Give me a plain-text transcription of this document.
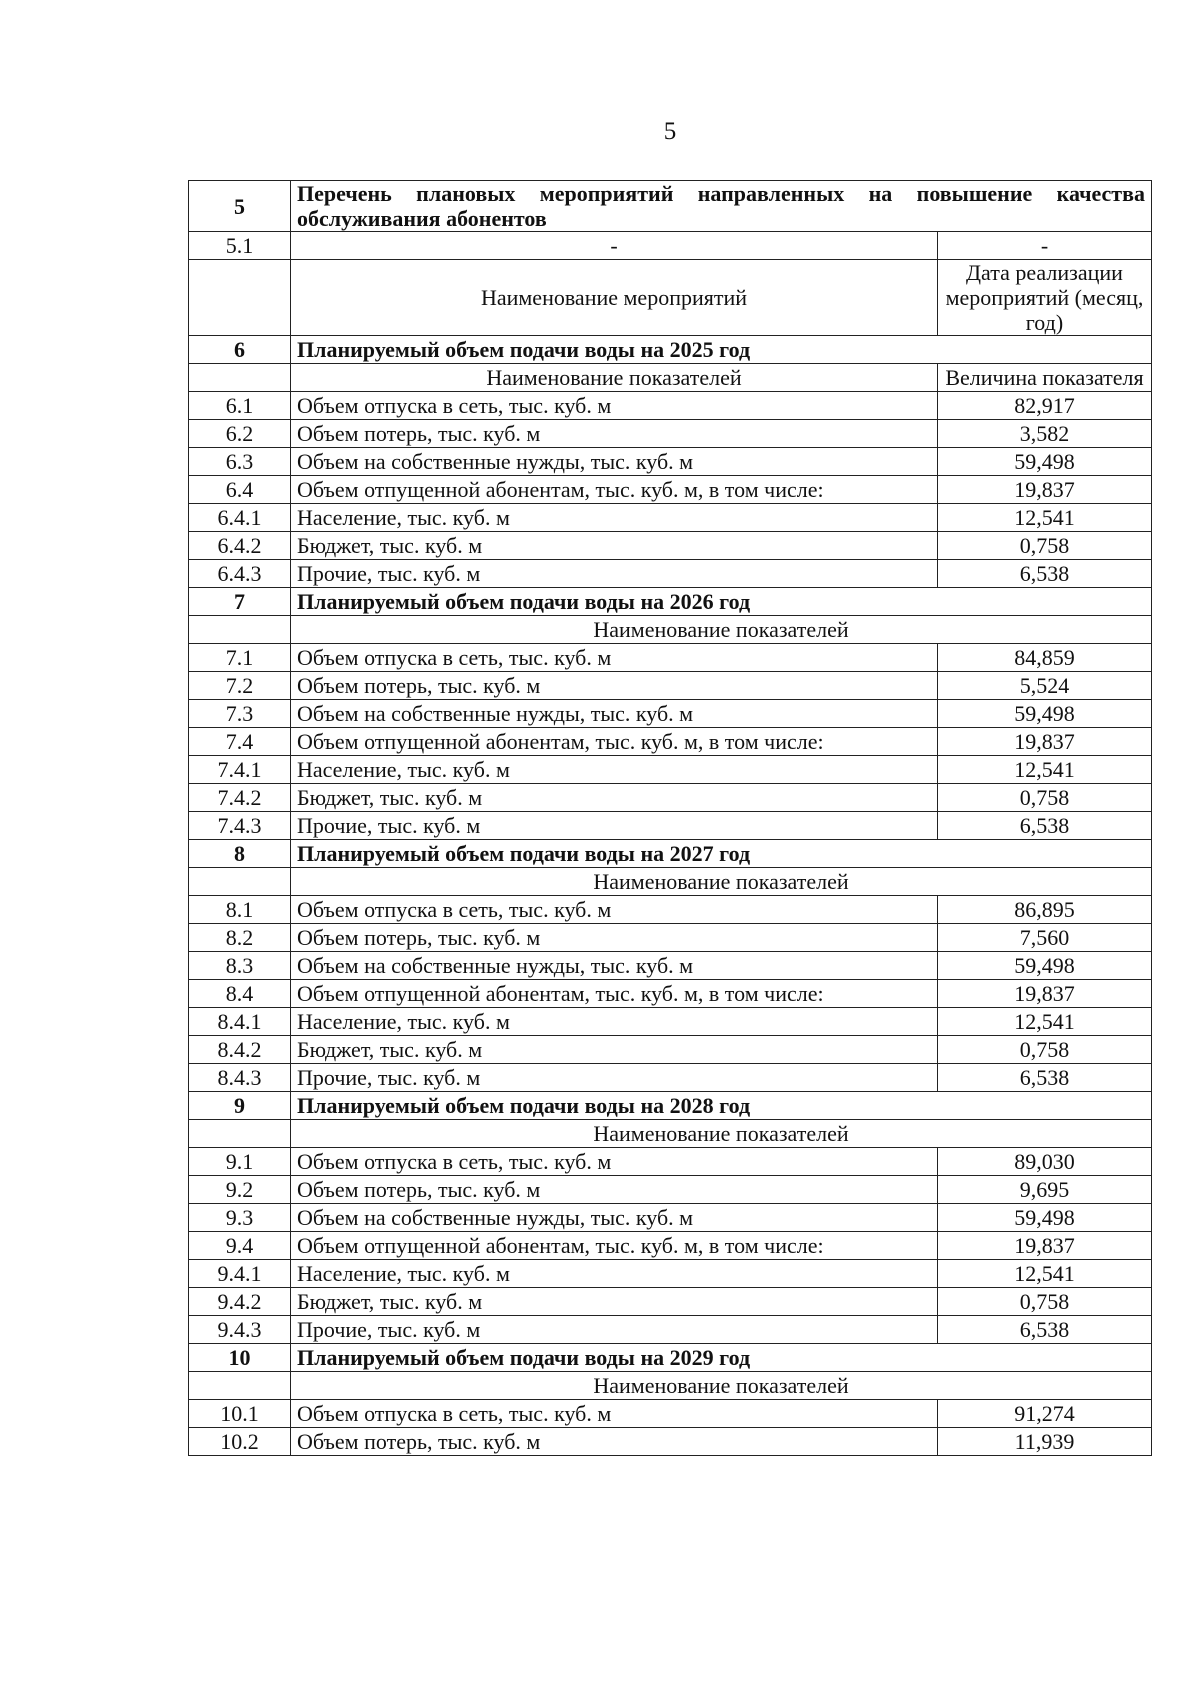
5
5	Перечень плановых мероприятий направленных на повышение качества обслуживания абонентов	
5.1	-	-
	Наименование мероприятий	Дата реализации мероприятий (месяц, год)
6	Планируемый объем подачи воды на 2025 год	
	Наименование показателей	Величина показателя
6.1	Объем отпуска в сеть, тыс. куб. м	82,917
6.2	Объем потерь, тыс. куб. м	3,582
6.3	Объем на собственные нужды, тыс. куб. м	59,498
6.4	Объем отпущенной абонентам, тыс. куб. м, в том числе:	19,837
6.4.1	Население, тыс. куб. м	12,541
6.4.2	Бюджет, тыс. куб. м	0,758
6.4.3	Прочие, тыс. куб. м	6,538
7	Планируемый объем подачи воды на 2026 год	
	Наименование показателей	
7.1	Объем отпуска в сеть, тыс. куб. м	84,859
7.2	Объем потерь, тыс. куб. м	5,524
7.3	Объем на собственные нужды, тыс. куб. м	59,498
7.4	Объем отпущенной абонентам, тыс. куб. м, в том числе:	19,837
7.4.1	Население, тыс. куб. м	12,541
7.4.2	Бюджет, тыс. куб. м	0,758
7.4.3	Прочие, тыс. куб. м	6,538
8	Планируемый объем подачи воды на 2027 год	
	Наименование показателей	
8.1	Объем отпуска в сеть, тыс. куб. м	86,895
8.2	Объем потерь, тыс. куб. м	7,560
8.3	Объем на собственные нужды, тыс. куб. м	59,498
8.4	Объем отпущенной абонентам, тыс. куб. м, в том числе:	19,837
8.4.1	Население, тыс. куб. м	12,541
8.4.2	Бюджет, тыс. куб. м	0,758
8.4.3	Прочие, тыс. куб. м	6,538
9	Планируемый объем подачи воды на 2028 год	
	Наименование показателей	
9.1	Объем отпуска в сеть, тыс. куб. м	89,030
9.2	Объем потерь, тыс. куб. м	9,695
9.3	Объем на собственные нужды, тыс. куб. м	59,498
9.4	Объем отпущенной абонентам, тыс. куб. м, в том числе:	19,837
9.4.1	Население, тыс. куб. м	12,541
9.4.2	Бюджет, тыс. куб. м	0,758
9.4.3	Прочие, тыс. куб. м	6,538
10	Планируемый объем подачи воды на 2029 год	
	Наименование показателей	
10.1	Объем отпуска в сеть, тыс. куб. м	91,274
10.2	Объем потерь, тыс. куб. м	11,939
